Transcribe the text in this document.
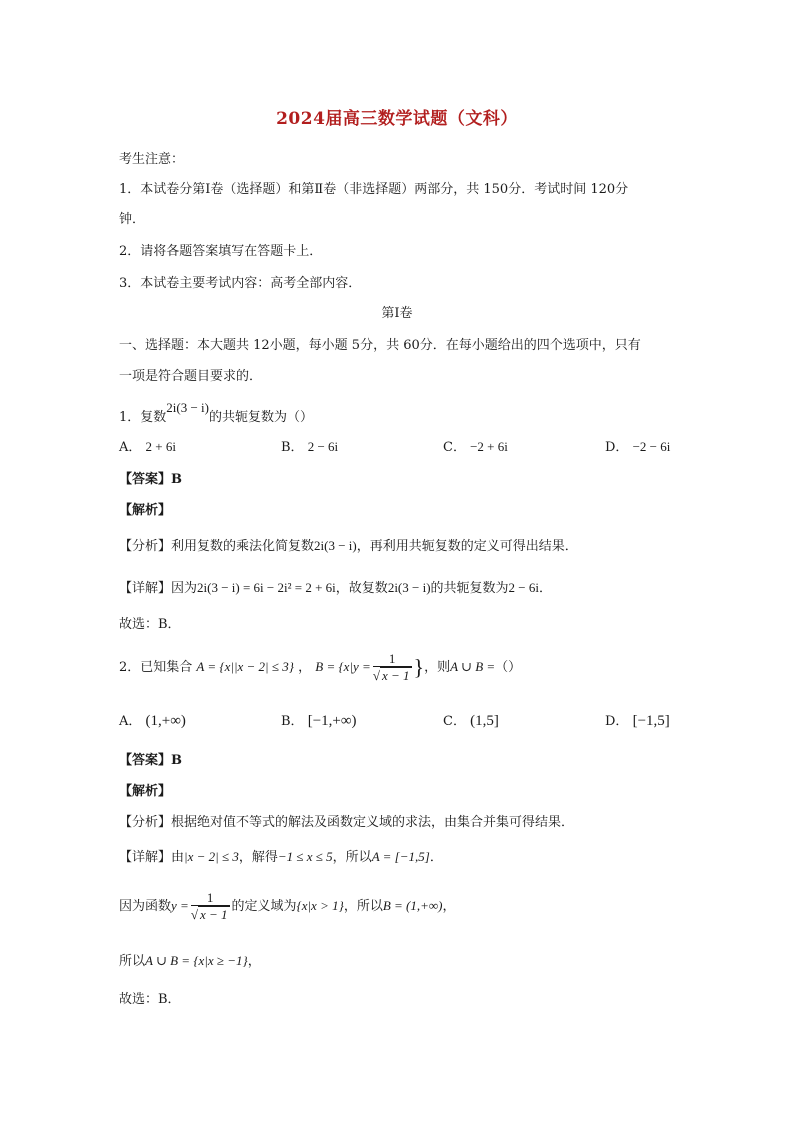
2024届高三数学试题（文科）
考生注意：
1．本试卷分第Ⅰ卷（选择题）和第Ⅱ卷（非选择题）两部分，共 150分．考试时间 120分
钟．
2．请将各题答案填写在答题卡上．
3．本试卷主要考试内容：高考全部内容．
第Ⅰ卷
一、选择题：本大题共 12小题，每小题 5分，共 60分．在每小题给出的四个选项中，只有
一项是符合题目要求的．
1．复数2i(3 − i)的共轭复数为（）
A． 2 + 6i	B． 2 − 6i	C． −2 + 6i	D． −2 − 6i
【答案】B
【解析】
【分析】利用复数的乘法化简复数2i(3 − i)，再利用共轭复数的定义可得出结果．
【详解】因为2i(3 − i) = 6i − 2i² = 2 + 6i，故复数2i(3 − i)的共轭复数为2 − 6i．
故选：B．
2．已知集合 A = {x||x − 2| ≤ 3} ， $B = \{x|y = \frac{1}{√ x - 1}$ }，则A ∪ B =（）
A． (1,+∞)	B． [−1,+∞)	C． (1,5]	D． [−1,5]
【答案】B
【解析】
【分析】根据绝对值不等式的解法及函数定义域的求法，由集合并集可得结果．
【详解】由|x − 2| ≤ 3，解得−1 ≤ x ≤ 5，所以A = [−1,5]．
因为函数$y = \frac{1}{√ x - 1}$ 的定义域为{x|x > 1}，所以B = (1,+∞)，
所以A ∪ B = {x|x ≥ −1}，
故选：B．
